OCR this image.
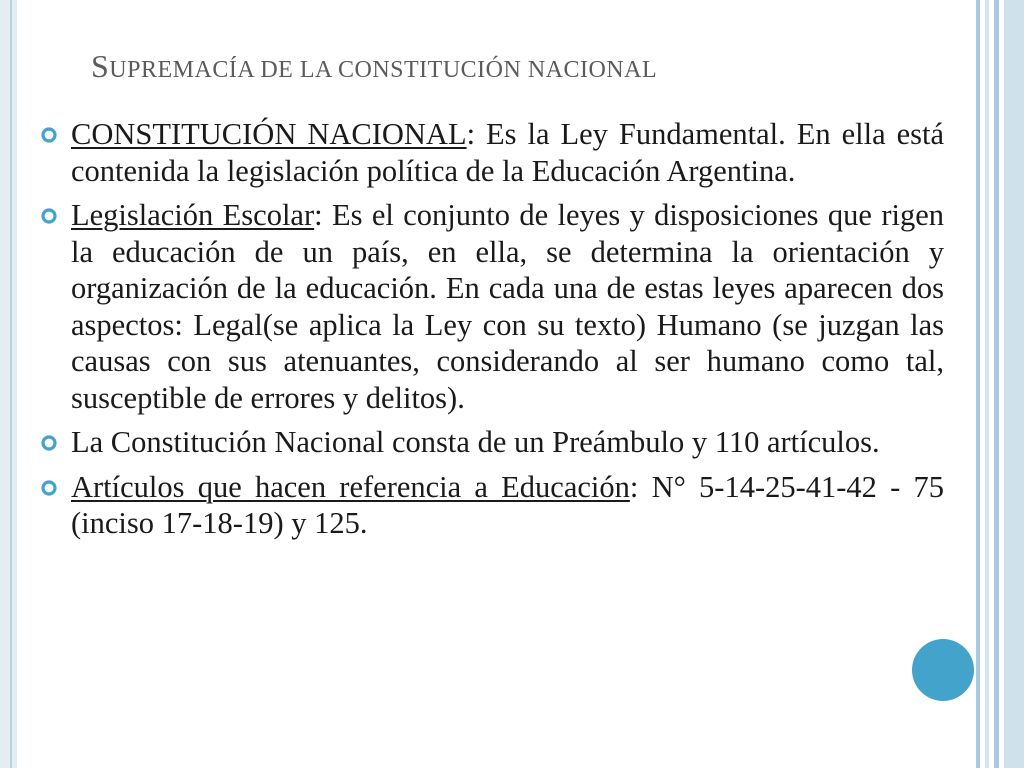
SUPREMACÍA DE LA CONSTITUCIÓN NACIONAL
CONSTITUCIÓN NACIONAL: Es la Ley Fundamental. En ella está contenida la legislación política de la Educación Argentina.
Legislación Escolar: Es el conjunto de leyes y disposiciones que rigen la educación de un país, en ella, se determina la orientación y organización de la educación. En cada una de estas leyes aparecen dos aspectos: Legal(se aplica la Ley con su texto) Humano (se juzgan las causas con sus atenuantes, considerando al ser humano como tal, susceptible de errores y delitos).
La Constitución Nacional consta de un Preámbulo y 110 artículos.
Artículos que hacen referencia a Educación: N° 5-14-25-41-42 - 75 (inciso 17-18-19) y 125.
